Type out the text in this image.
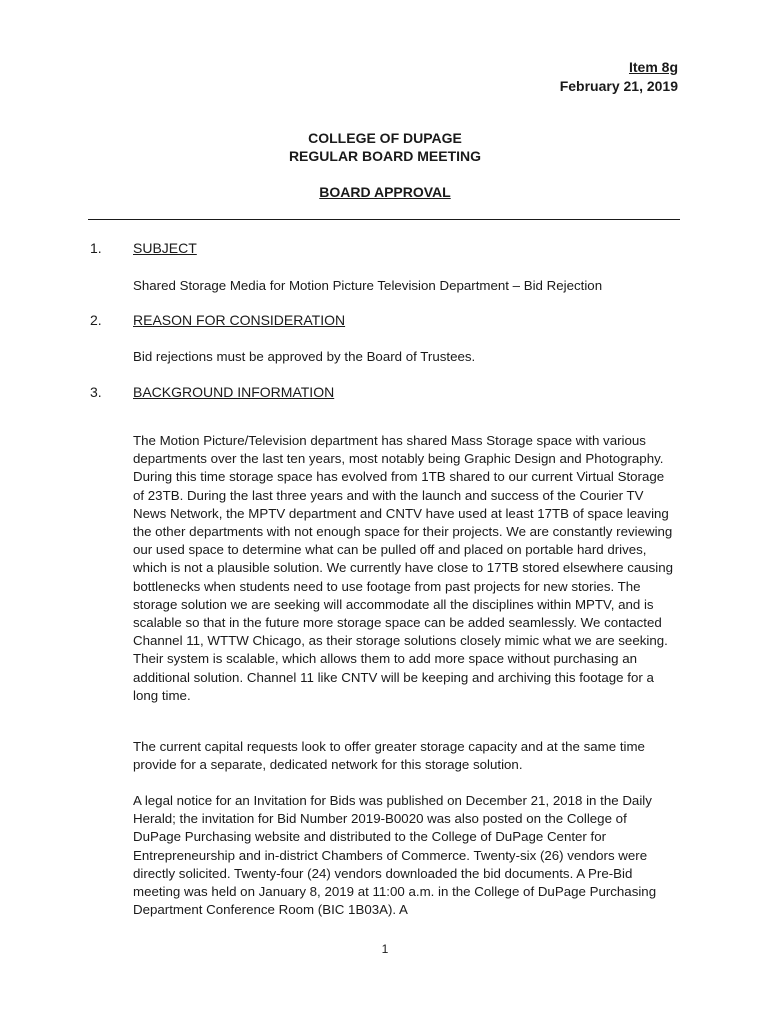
Item 8g
February 21, 2019
COLLEGE OF DUPAGE
REGULAR BOARD MEETING
BOARD APPROVAL
1. SUBJECT
Shared Storage Media for Motion Picture Television Department – Bid Rejection
2. REASON FOR CONSIDERATION
Bid rejections must be approved by the Board of Trustees.
3. BACKGROUND INFORMATION

The Motion Picture/Television department has shared Mass Storage space with various departments over the last ten years, most notably being Graphic Design and Photography. During this time storage space has evolved from 1TB shared to our current Virtual Storage of 23TB. During the last three years and with the launch and success of the Courier TV News Network, the MPTV department and CNTV have used at least 17TB of space leaving the other departments with not enough space for their projects. We are constantly reviewing our used space to determine what can be pulled off and placed on portable hard drives, which is not a plausible solution. We currently have close to 17TB stored elsewhere causing bottlenecks when students need to use footage from past projects for new stories. The storage solution we are seeking will accommodate all the disciplines within MPTV, and is scalable so that in the future more storage space can be added seamlessly. We contacted Channel 11, WTTW Chicago, as their storage solutions closely mimic what we are seeking. Their system is scalable, which allows them to add more space without purchasing an additional solution. Channel 11 like CNTV will be keeping and archiving this footage for a long time.

The current capital requests look to offer greater storage capacity and at the same time provide for a separate, dedicated network for this storage solution.

A legal notice for an Invitation for Bids was published on December 21, 2018 in the Daily Herald; the invitation for Bid Number 2019-B0020 was also posted on the College of DuPage Purchasing website and distributed to the College of DuPage Center for Entrepreneurship and in-district Chambers of Commerce. Twenty-six (26) vendors were directly solicited. Twenty-four (24) vendors downloaded the bid documents. A Pre-Bid meeting was held on January 8, 2019 at 11:00 a.m. in the College of DuPage Purchasing Department Conference Room (BIC 1B03A). A

1
